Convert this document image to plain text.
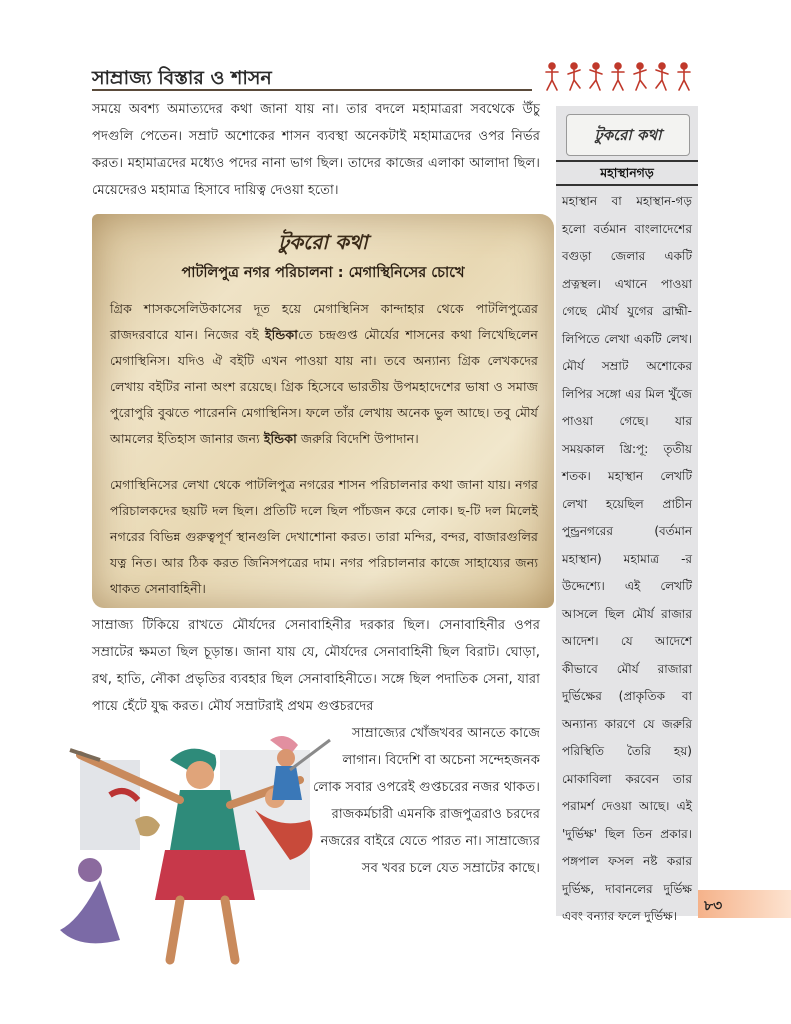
সাম্রাজ্য বিস্তার ও শাসন
সময়ে অবশ্য অমাত্যদের কথা জানা যায় না। তার বদলে মহামাত্ররা সবথেকে উঁচু পদগুলি পেতেন। সম্রাট অশোকের শাসন ব্যবস্থা অনেকটাই মহামাত্রদের ওপর নির্ভর করত। মহামাত্রদের মধ্যেও পদের নানা ভাগ ছিল। তাদের কাজের এলাকা আলাদা ছিল। মেয়েদেরও মহামাত্র হিসাবে দায়িত্ব দেওয়া হতো।
টুকরো কথা
পাটলিপুত্র নগর পরিচালনা : মেগাস্থিনিসের চোখে
গ্রিক শাসকসেলিউকাসের দূত হয়ে মেগাস্থিনিস কান্দাহার থেকে পাটলিপুত্রের রাজদরবারে যান। নিজের বই ইন্ডিকাতে চন্দ্রগুপ্ত মৌর্যের শাসনের কথা লিখেছিলেন মেগাস্থিনিস। যদিও ঐ বইটি এখন পাওয়া যায় না। তবে অন্যান্য গ্রিক লেখকদের লেখায় বইটির নানা অংশ রয়েছে। গ্রিক হিসেবে ভারতীয় উপমহাদেশের ভাষা ও সমাজ পুরোপুরি বুঝতে পারেননি মেগাস্থিনিস। ফলে তাঁর লেখায় অনেক ভুল আছে। তবু মৌর্য আমলের ইতিহাস জানার জন্য ইন্ডিকা জরুরি বিদেশি উপাদান।
মেগাস্থিনিসের লেখা থেকে পাটলিপুত্র নগরের শাসন পরিচালনার কথা জানা যায়। নগর পরিচালকদের ছয়টি দল ছিল। প্রতিটি দলে ছিল পাঁচজন করে লোক। ছ-টি দল মিলেই নগরের বিভিন্ন গুরুত্বপূর্ণ স্থানগুলি দেখাশোনা করত। তারা মন্দির, বন্দর, বাজারগুলির যত্ন নিত। আর ঠিক করত জিনিসপত্রের দাম। নগর পরিচালনার কাজে সাহায্যের জন্য থাকত সেনাবাহিনী।
সাম্রাজ্য টিকিয়ে রাখতে মৌর্যদের সেনাবাহিনীর দরকার ছিল। সেনাবাহিনীর ওপর সম্রাটের ক্ষমতা ছিল চূড়ান্ত। জানা যায় যে, মৌর্যদের সেনাবাহিনী ছিল বিরাট। ঘোড়া, রথ, হাতি, নৌকা প্রভৃতির ব্যবহার ছিল সেনাবাহিনীতে। সঙ্গে ছিল পদাতিক সেনা, যারা পায়ে হেঁটে যুদ্ধ করত। মৌর্য সম্রাটরাই প্রথম গুপ্তচরদের
সাম্রাজ্যের খোঁজখবর আনতে কাজে লাগান। বিদেশি বা অচেনা সন্দেহজনক লোক সবার ওপরেই গুপ্তচরের নজর থাকত। রাজকর্মচারী এমনকি রাজপুত্ররাও চরদের নজরের বাইরে যেতে পারত না। সাম্রাজ্যের সব খবর চলে যেত সম্রাটের কাছে।
টুকরো কথা
মহাস্থানগড়
মহাস্থান বা মহাস্থান-গড় হলো বর্তমান বাংলাদেশের বগুড়া জেলার একটি প্রত্নস্থল। এখানে পাওয়া গেছে মৌর্য যুগের ব্রাহ্মী-লিপিতে লেখা একটি লেখ। মৌর্য সম্রাট অশোকের লিপির সঙ্গো এর মিল খুঁজে পাওয়া গেছে। যার সময়কাল খ্রি:পূ: তৃতীয় শতক। মহাস্থান লেখটি লেখা হয়েছিল প্রাচীন পুন্ড্রনগরের (বর্তমান মহাস্থান) মহামাত্র -র উদ্দেশ্যে। এই লেখটি আসলে ছিল মৌর্য রাজার আদেশ। যে আদেশে কীভাবে মৌর্য রাজারা দুর্ভিক্ষের (প্রাকৃতিক বা অন্যান্য কারণে যে জরুরি পরিস্থিতি তৈরি হয়) মোকাবিলা করবেন তার পরামর্শ দেওয়া আছে। এই 'দুর্ভিক্ষ' ছিল তিন প্রকার। পঙ্গপাল ফসল নষ্ট করার দুর্ভিক্ষ, দাবানলের দুর্ভিক্ষ এবং বন্যার ফলে দুর্ভিক্ষ।
৮৩
